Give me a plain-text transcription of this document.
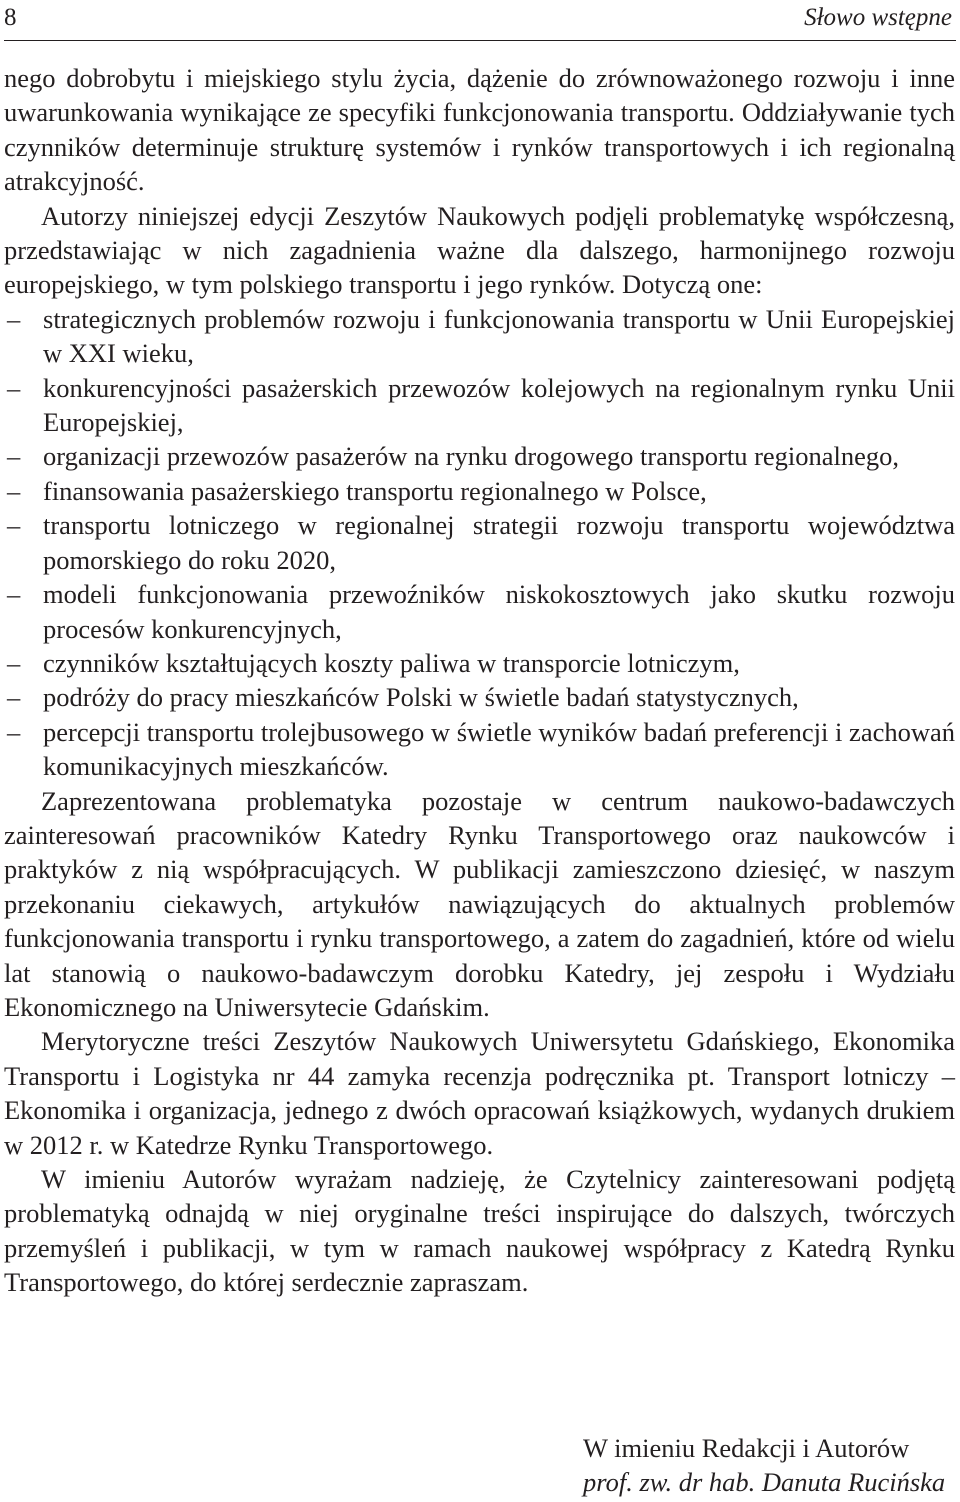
8	Słowo wstępne

nego dobrobytu i miejskiego stylu życia, dążenie do zrównoważonego rozwoju i inne uwarunkowania wynikające ze specyfiki funkcjonowania transportu. Oddziaływanie tych czynników determinuje strukturę systemów i rynków transportowych i ich regionalną atrakcyjność.

Autorzy niniejszej edycji Zeszytów Naukowych podjęli problematykę współczesną, przedstawiając w nich zagadnienia ważne dla dalszego, harmonijnego rozwoju europejskiego, w tym polskiego transportu i jego rynków. Dotyczą one:

– strategicznych problemów rozwoju i funkcjonowania transportu w Unii Europejskiej w XXI wieku,
– konkurencyjności pasażerskich przewozów kolejowych na regionalnym rynku Unii Europejskiej,
– organizacji przewozów pasażerów na rynku drogowego transportu regionalnego,
– finansowania pasażerskiego transportu regionalnego w Polsce,
– transportu lotniczego w regionalnej strategii rozwoju transportu województwa pomorskiego do roku 2020,
– modeli funkcjonowania przewoźników niskokosztowych jako skutku rozwoju procesów konkurencyjnych,
– czynników kształtujących koszty paliwa w transporcie lotniczym,
– podróży do pracy mieszkańców Polski w świetle badań statystycznych,
– percepcji transportu trolejbusowego w świetle wyników badań preferencji i zachowań komunikacyjnych mieszkańców.

Zaprezentowana problematyka pozostaje w centrum naukowo-badawczych zainteresowań pracowników Katedry Rynku Transportowego oraz naukowców i praktyków z nią współpracujących. W publikacji zamieszczono dziesięć, w naszym przekonaniu ciekawych, artykułów nawiązujących do aktualnych problemów funkcjonowania transportu i rynku transportowego, a zatem do zagadnień, które od wielu lat stanowią o naukowo-badawczym dorobku Katedry, jej zespołu i Wydziału Ekonomicznego na Uniwersytecie Gdańskim.

Merytoryczne treści Zeszytów Naukowych Uniwersytetu Gdańskiego, Ekonomika Transportu i Logistyka nr 44 zamyka recenzja podręcznika pt. Transport lotniczy – Ekonomika i organizacja, jednego z dwóch opracowań książkowych, wydanych drukiem w 2012 r. w Katedrze Rynku Transportowego.

W imieniu Autorów wyrażam nadzieję, że Czytelnicy zainteresowani podjętą problematyką odnajdą w niej oryginalne treści inspirujące do dalszych, twórczych przemyśleń i publikacji, w tym w ramach naukowej współpracy z Katedrą Rynku Transportowego, do której serdecznie zapraszam.

W imieniu Redakcji i Autorów
prof. zw. dr hab. Danuta Rucińska
